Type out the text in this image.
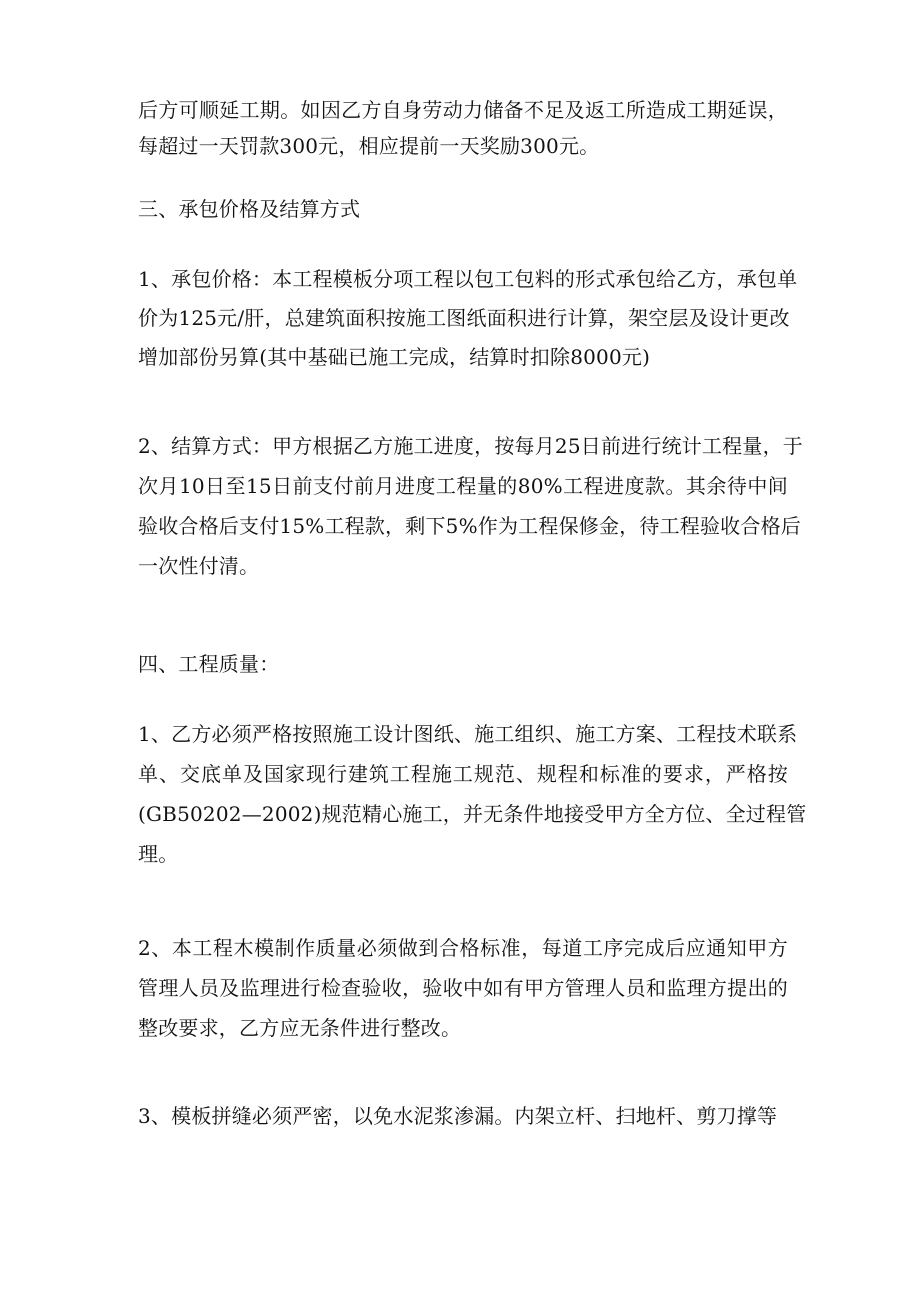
后方可顺延工期。如因乙方自身劳动力储备不足及返工所造成工期延误，
每超过一天罚款300元，相应提前一天奖励300元。
三、承包价格及结算方式
1、承包价格：本工程模板分项工程以包工包料的形式承包给乙方，承包单
价为125元/肝，总建筑面积按施工图纸面积进行计算，架空层及设计更改
增加部份另算(其中基础已施工完成，结算时扣除8000元)
2、结算方式：甲方根据乙方施工进度，按每月25日前进行统计工程量，于
次月10日至15日前支付前月进度工程量的80%工程进度款。其余待中间
验收合格后支付15%工程款，剩下5%作为工程保修金，待工程验收合格后
一次性付清。
四、工程质量：
1、乙方必须严格按照施工设计图纸、施工组织、施工方案、工程技术联系
单、交底单及国家现行建筑工程施工规范、规程和标准的要求，严格按
(GB50202—2002)规范精心施工，并无条件地接受甲方全方位、全过程管
理。
2、本工程木模制作质量必须做到合格标准，每道工序完成后应通知甲方
管理人员及监理进行检查验收，验收中如有甲方管理人员和监理方提出的
整改要求，乙方应无条件进行整改。
3、模板拼缝必须严密，以免水泥浆渗漏。内架立杆、扫地杆、剪刀撑等
